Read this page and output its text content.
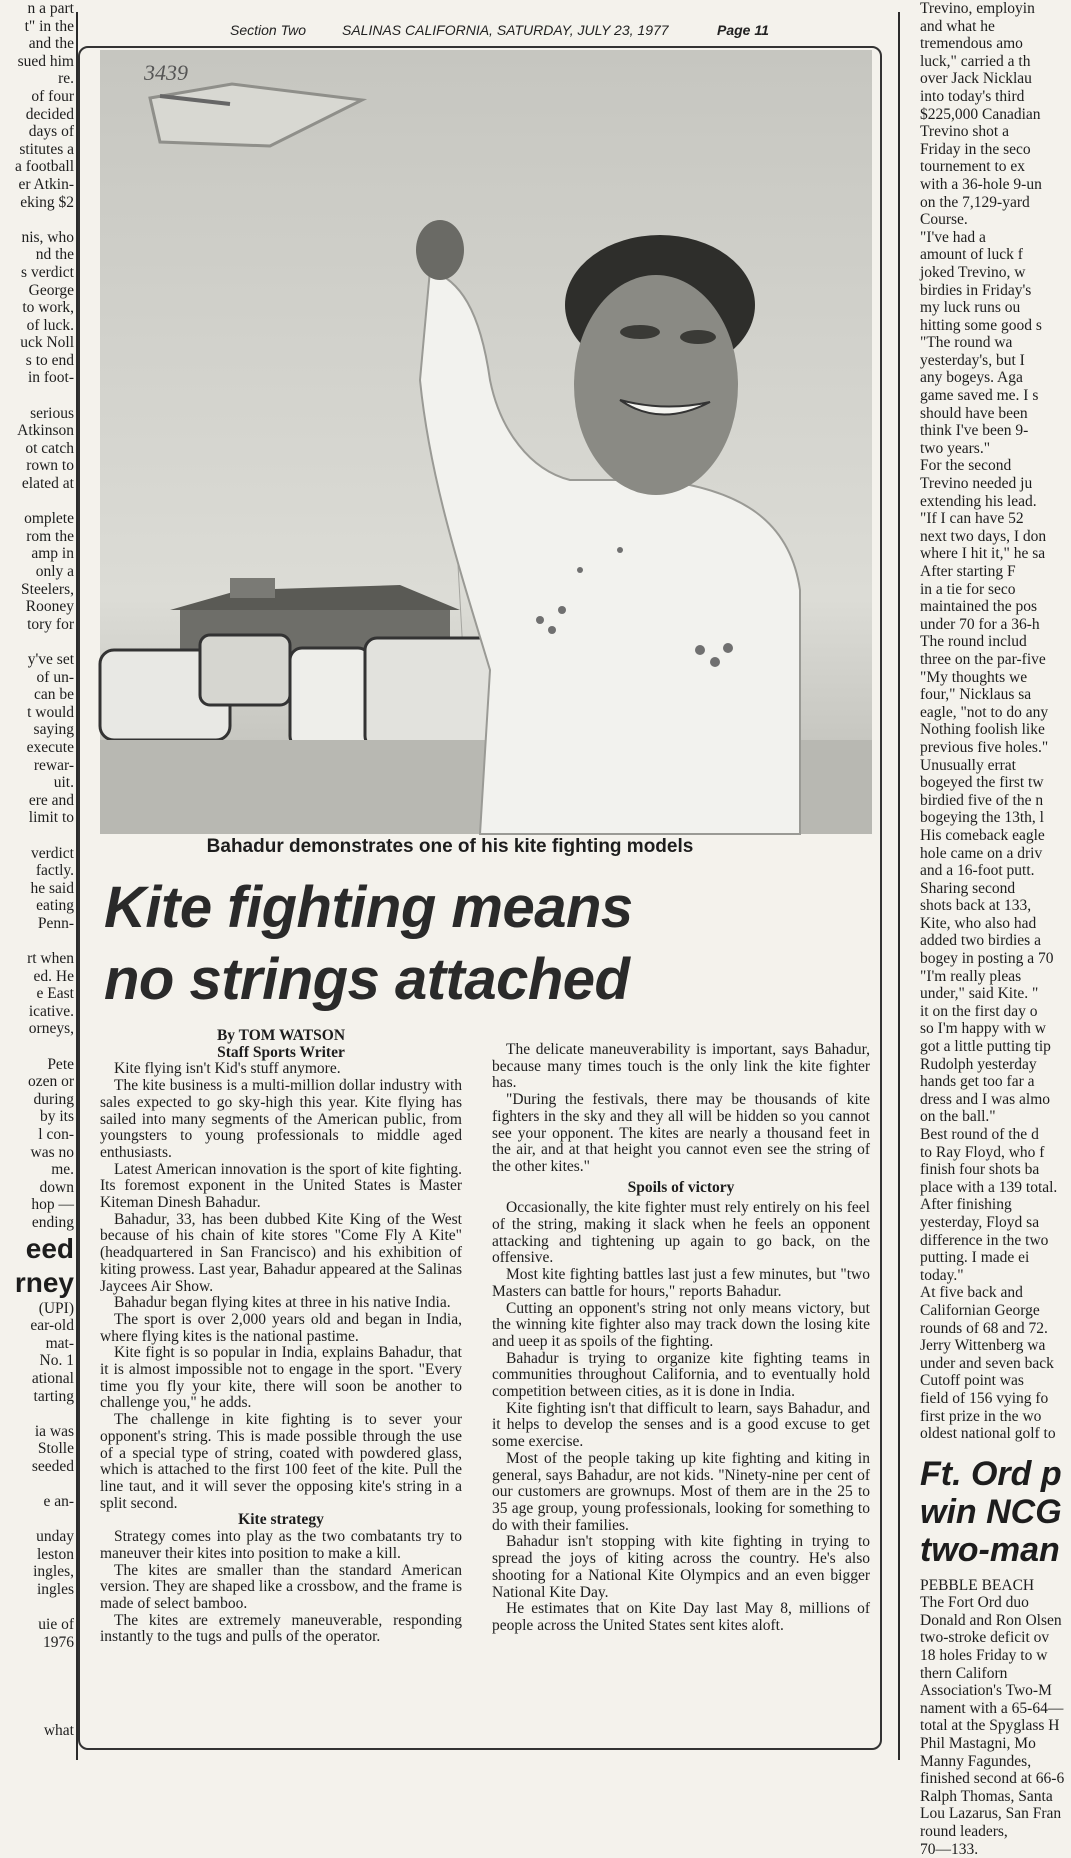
n a part
t" in the
and the
sued him
re.
of four
decided
days of
stitutes a
a football
er Atkin-
eking $2

nis, who
nd the
s verdict
George
to work,
of luck.
uck Noll
s to end
in foot-

serious
Atkinson
ot catch
rown to
elated at

omplete
rom the
amp in
only a
Steelers,
Rooney
tory for

y've set
of un-
can be
t would
saying
execute
rewar-
uit.
ere and
limit to

verdict
factly.
he said
eating
Penn-

rt when
ed. He
e East
icative.
orneys,

Pete
ozen or
during
by its
l con-
was no
me.
down
hop —
ending
eed
rney
(UPI)
ear-old
mat-
No. 1
ational
tarting

ia was
Stolle
seeded

e an-

unday
leston
ingles,
ingles

uie of
1976

what
Trevino, employin
and what he
tremendous amo
luck," carried a th
over Jack Nicklau
into today's third
$225,000 Canadian
Trevino shot a
Friday in the seco
tournement to ex
with a 36-hole 9-un
on the 7,129-yard
Course.
"I've had a
amount of luck f
joked Trevino, w
birdies in Friday's
my luck runs ou
hitting some good s
"The round wa
yesterday's, but I
any bogeys. Aga
game saved me. I s
should have been
think I've been 9-
two years."
For the second
Trevino needed ju
extending his lead.
"If I can have 52
next two days, I don
where I hit it," he sa
After starting F
in a tie for seco
maintained the pos
under 70 for a 36-h
The round includ
three on the par-five
"My thoughts we
four," Nicklaus sa
eagle, "not to do any
Nothing foolish like
previous five holes."
Unusually errat
bogeyed the first tw
birdied five of the n
bogeying the 13th, l
His comeback eagle
hole came on a driv
and a 16-foot putt.
Sharing second
shots back at 133,
Kite, who also had
added two birdies a
bogey in posting a 70
"I'm really pleas
under," said Kite. "
it on the first day o
so I'm happy with w
got a little putting tip
Rudolph yesterday
hands get too far a
dress and I was almo
on the ball."
Best round of the d
to Ray Floyd, who f
finish four shots ba
place with a 139 total.
After finishing
yesterday, Floyd sa
difference in the two
putting. I made ei
today."
At five back and
Californian George
rounds of 68 and 72.
Jerry Wittenberg wa
under and seven back
Cutoff point was
field of 156 vying fo
first prize in the wo
oldest national golf to
Ft. Ord p
win NCG
two-man
PEBBLE BEACH
The Fort Ord duo
Donald and Ron Olsen
two-stroke deficit ov
18 holes Friday to w
thern Californ
Association's Two-M
nament with a 65-64—
total at the Spyglass H
Phil Mastagni, Mo
Manny Fagundes,
finished second at 66-6
Ralph Thomas, Santa
Lou Lazarus, San Fran
round leaders,
70—133.
Section Two	SALINAS CALIFORNIA, SATURDAY, JULY 23, 1977	Page 11
3439
Bahadur demonstrates one of his kite fighting models
Kite fighting means
no strings attached

By TOM WATSON

Staff Sports Writer

Kite flying isn't Kid's stuff anymore.

The kite business is a multi-million dollar industry with sales expected to go sky-high this year. Kite flying has sailed into many segments of the American public, from youngsters to young professionals to middle aged enthusiasts.

Latest American innovation is the sport of kite fighting. Its foremost exponent in the United States is Master Kiteman Dinesh Bahadur.

Bahadur, 33, has been dubbed Kite King of the West because of his chain of kite stores "Come Fly A Kite" (headquartered in San Francisco) and his exhibition of kiting prowess. Last year, Bahadur appeared at the Salinas Jaycees Air Show.

Bahadur began flying kites at three in his native India.

The sport is over 2,000 years old and began in India, where flying kites is the national pastime.

Kite fight is so popular in India, explains Bahadur, that it is almost impossible not to engage in the sport. "Every time you fly your kite, there will soon be another to challenge you," he adds.

The challenge in kite fighting is to sever your opponent's string. This is made possible through the use of a special type of string, coated with powdered glass, which is attached to the first 100 feet of the kite. Pull the line taut, and it will sever the opposing kite's string in a split second.

Kite strategy

Strategy comes into play as the two combatants try to maneuver their kites into position to make a kill.

The kites are smaller than the standard American version. They are shaped like a crossbow, and the frame is made of select bamboo.

The kites are extremely maneuverable, responding instantly to the tugs and pulls of the operator.

The delicate maneuverability is important, says Bahadur, because many times touch is the only link the kite fighter has.

"During the festivals, there may be thousands of kite fighters in the sky and they all will be hidden so you cannot see your opponent. The kites are nearly a thousand feet in the air, and at that height you cannot even see the string of the other kites."

Spoils of victory

Occasionally, the kite fighter must rely entirely on his feel of the string, making it slack when he feels an opponent attacking and tightening up again to go back, on the offensive.

Most kite fighting battles last just a few minutes, but "two Masters can battle for hours," reports Bahadur.

Cutting an opponent's string not only means victory, but the winning kite fighter also may track down the losing kite and ueep it as spoils of the fighting.

Bahadur is trying to organize kite fighting teams in communities throughout California, and to eventually hold competition between cities, as it is done in India.

Kite fighting isn't that difficult to learn, says Bahadur, and it helps to develop the senses and is a good excuse to get some exercise.

Most of the people taking up kite fighting and kiting in general, says Bahadur, are not kids. "Ninety-nine per cent of our customers are grownups. Most of them are in the 25 to 35 age group, young professionals, looking for something to do with their families.

Bahadur isn't stopping with kite fighting in trying to spread the joys of kiting across the country. He's also shooting for a National Kite Olympics and an even bigger National Kite Day.

He estimates that on Kite Day last May 8, millions of people across the United States sent kites aloft.
